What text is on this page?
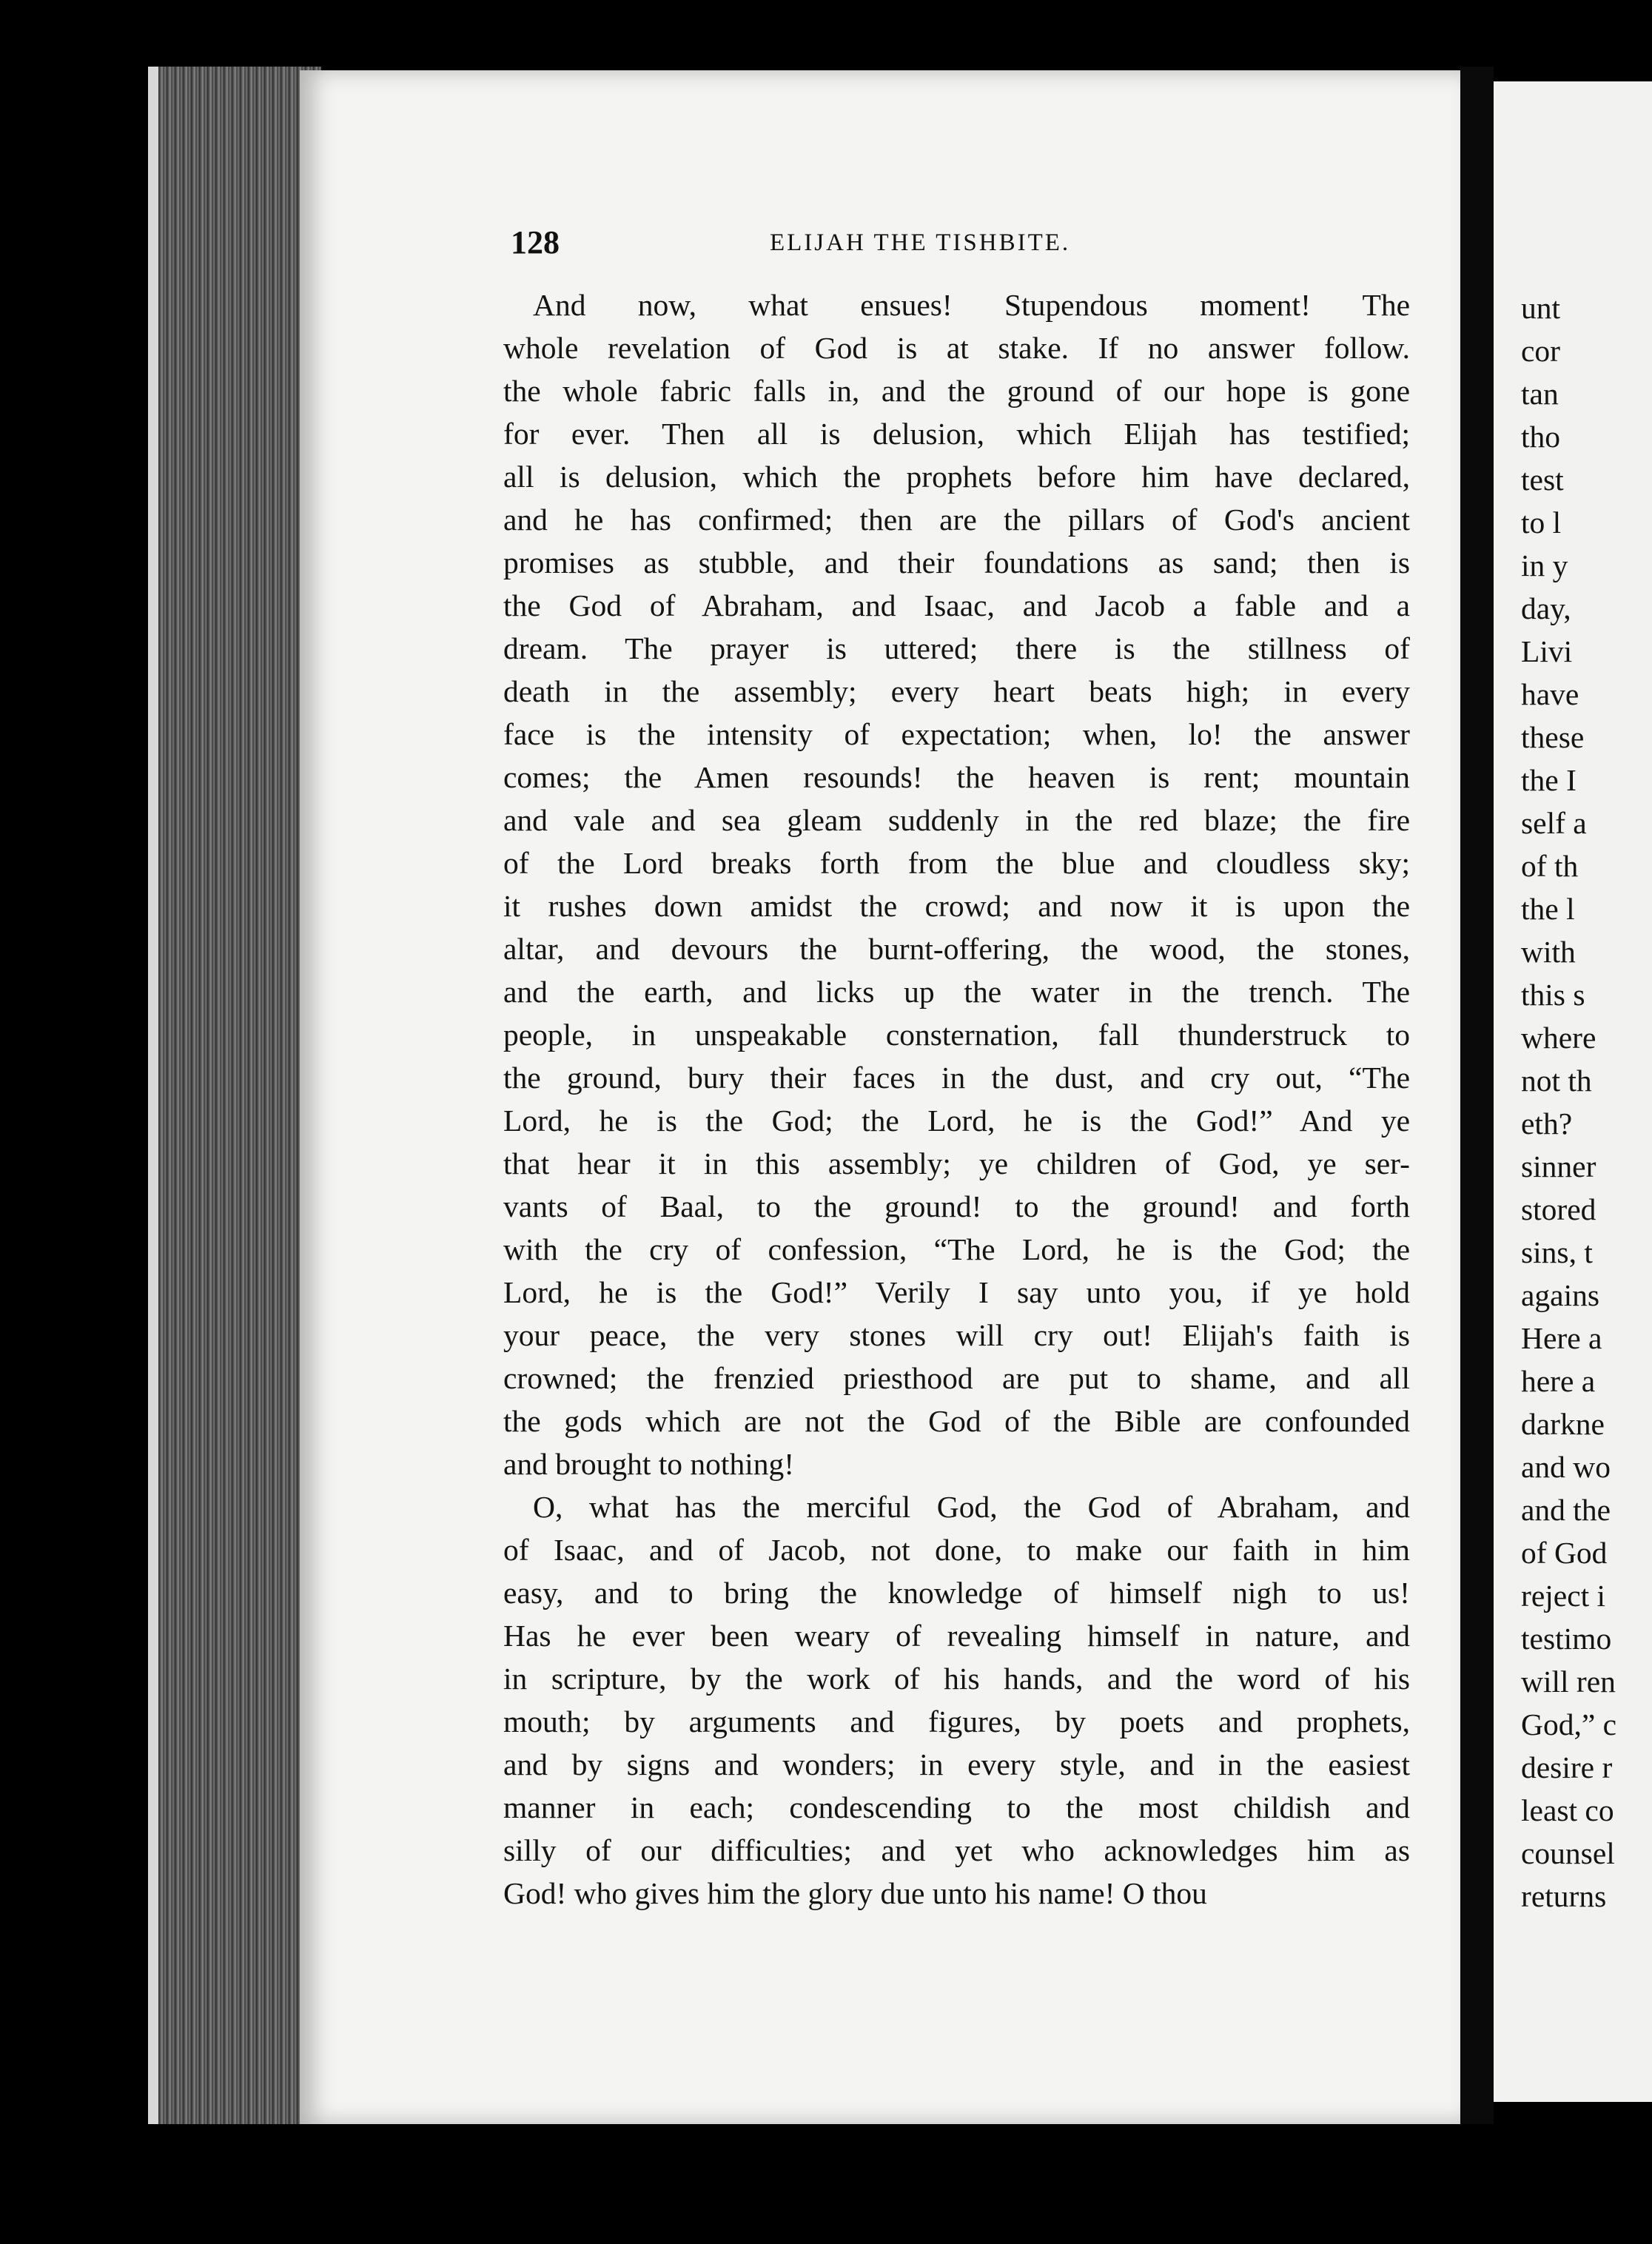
128	ELIJAH THE TISHBITE.
And now, what ensues! Stupendous moment! The
whole revelation of God is at stake. If no answer follow.
the whole fabric falls in, and the ground of our hope is gone
for ever. Then all is delusion, which Elijah has testified;
all is delusion, which the prophets before him have declared,
and he has confirmed; then are the pillars of God's ancient
promises as stubble, and their foundations as sand; then is
the God of Abraham, and Isaac, and Jacob a fable and a
dream. The prayer is uttered; there is the stillness of
death in the assembly; every heart beats high; in every
face is the intensity of expectation; when, lo! the answer
comes; the Amen resounds! the heaven is rent; mountain
and vale and sea gleam suddenly in the red blaze; the fire
of the Lord breaks forth from the blue and cloudless sky;
it rushes down amidst the crowd; and now it is upon the
altar, and devours the burnt-offering, the wood, the stones,
and the earth, and licks up the water in the trench. The
people, in unspeakable consternation, fall thunderstruck to
the ground, bury their faces in the dust, and cry out, “The
Lord, he is the God; the Lord, he is the God!” And ye
that hear it in this assembly; ye children of God, ye ser-
vants of Baal, to the ground! to the ground! and forth
with the cry of confession, “The Lord, he is the God; the
Lord, he is the God!” Verily I say unto you, if ye hold
your peace, the very stones will cry out! Elijah's faith is
crowned; the frenzied priesthood are put to shame, and all
the gods which are not the God of the Bible are confounded
and brought to nothing!
O, what has the merciful God, the God of Abraham, and
of Isaac, and of Jacob, not done, to make our faith in him
easy, and to bring the knowledge of himself nigh to us!
Has he ever been weary of revealing himself in nature, and
in scripture, by the work of his hands, and the word of his
mouth; by arguments and figures, by poets and prophets,
and by signs and wonders; in every style, and in the easiest
manner in each; condescending to the most childish and
silly of our difficulties; and yet who acknowledges him as
God! who gives him the glory due unto his name! O thou
unt
cor
tan
tho
test
to l
in y
day,
Livi
have
these
the I
self a
of th
the l
with
this s
where
not th
eth?
sinner
stored
sins, t
agains
Here a
here a
darkne
and wo
and the
of God
reject i
testimo
will ren
God,” c
desire r
least co
counsel
returns
